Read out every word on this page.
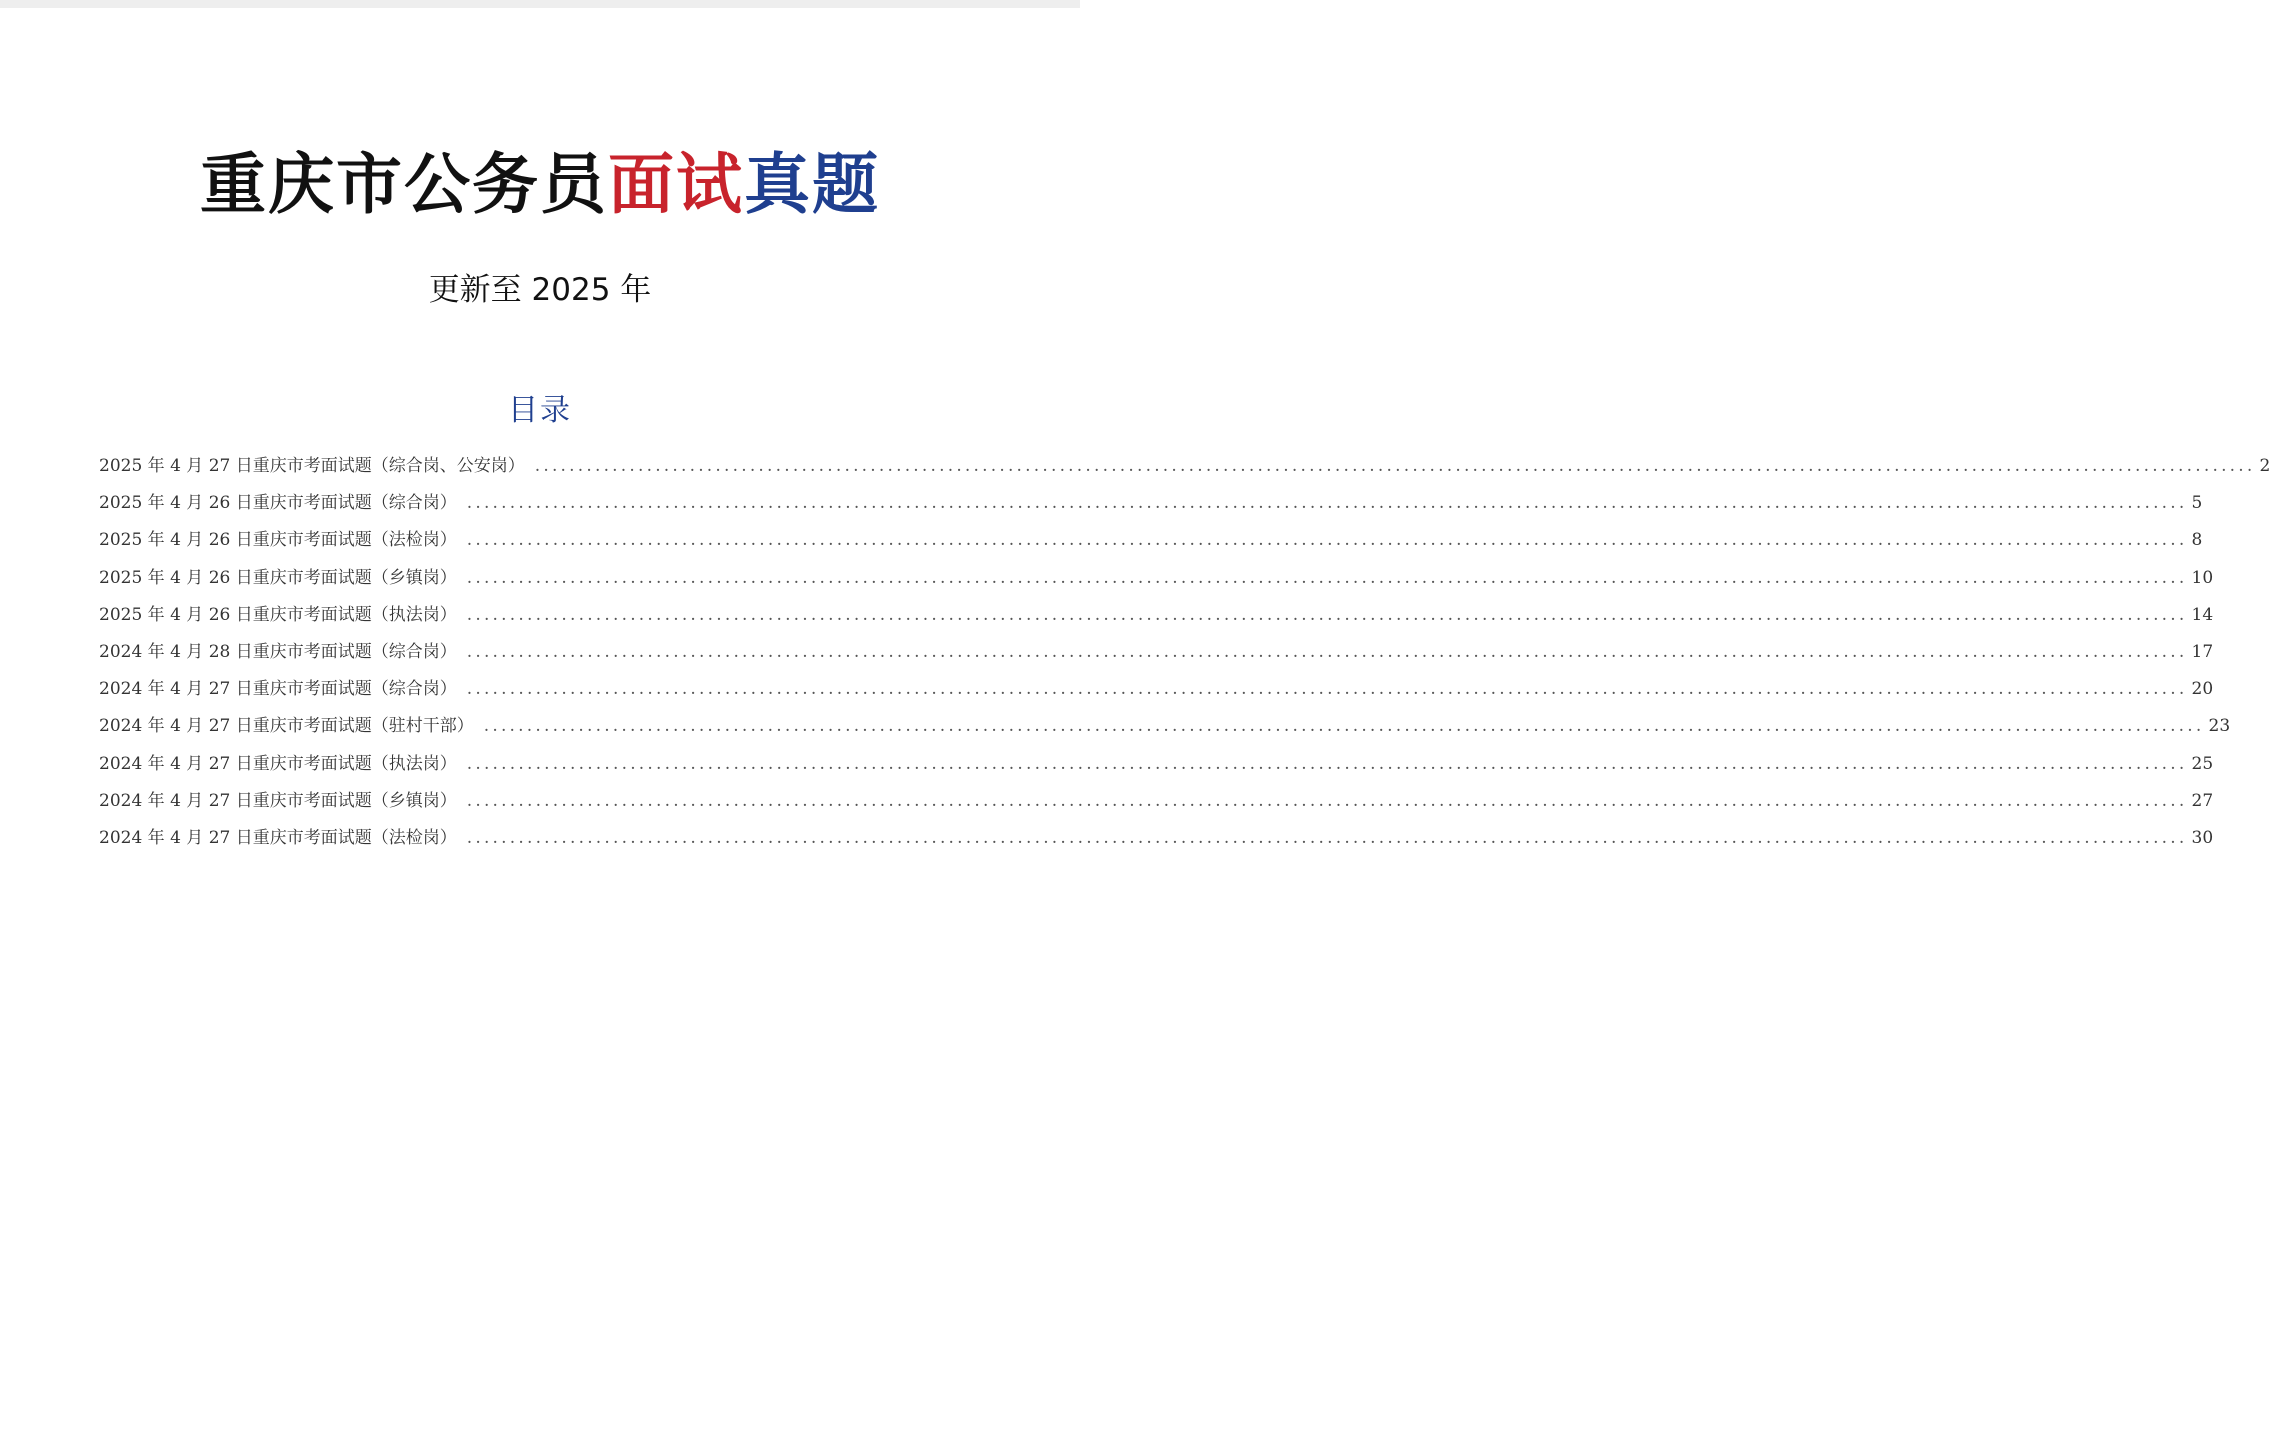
重庆市公务员面试真题
更新至 2025 年
目录
2025 年 4 月 27 日重庆市考面试题（综合岗、公安岗） ........................................................................................................................................................................................................ 2
2025 年 4 月 26 日重庆市考面试题（综合岗） ........................................................................................................................................................................................................ 5
2025 年 4 月 26 日重庆市考面试题（法检岗） ........................................................................................................................................................................................................ 8
2025 年 4 月 26 日重庆市考面试题（乡镇岗） ........................................................................................................................................................................................................ 10
2025 年 4 月 26 日重庆市考面试题（执法岗） ........................................................................................................................................................................................................ 14
2024 年 4 月 28 日重庆市考面试题（综合岗） ........................................................................................................................................................................................................ 17
2024 年 4 月 27 日重庆市考面试题（综合岗） ........................................................................................................................................................................................................ 20
2024 年 4 月 27 日重庆市考面试题（驻村干部） ........................................................................................................................................................................................................ 23
2024 年 4 月 27 日重庆市考面试题（执法岗） ........................................................................................................................................................................................................ 25
2024 年 4 月 27 日重庆市考面试题（乡镇岗） ........................................................................................................................................................................................................ 27
2024 年 4 月 27 日重庆市考面试题（法检岗） ........................................................................................................................................................................................................ 30
